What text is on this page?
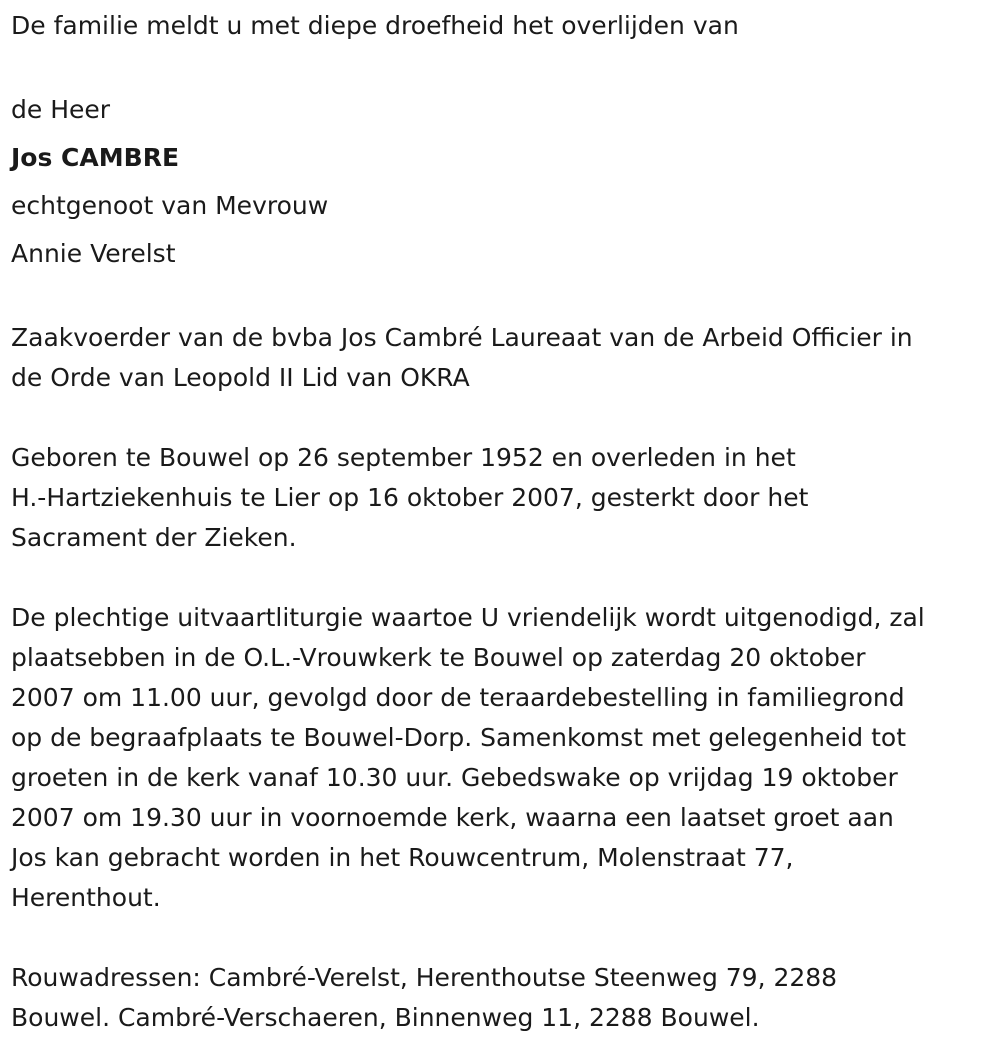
De familie meldt u met diepe droefheid het overlijden van
de Heer
Jos CAMBRE
echtgenoot van Mevrouw
Annie Verelst
Zaakvoerder van de bvba Jos Cambré Laureaat van de Arbeid Officier in
de Orde van Leopold II Lid van OKRA
Geboren te Bouwel op 26 september 1952 en overleden in het
H.-Hartziekenhuis te Lier op 16 oktober 2007, gesterkt door het
Sacrament der Zieken.
De plechtige uitvaartliturgie waartoe U vriendelijk wordt uitgenodigd, zal
plaatsebben in de O.L.-Vrouwkerk te Bouwel op zaterdag 20 oktober
2007 om 11.00 uur, gevolgd door de teraardebestelling in familiegrond
op de begraafplaats te Bouwel-Dorp. Samenkomst met gelegenheid tot
groeten in de kerk vanaf 10.30 uur. Gebedswake op vrijdag 19 oktober
2007 om 19.30 uur in voornoemde kerk, waarna een laatset groet aan
Jos kan gebracht worden in het Rouwcentrum, Molenstraat 77,
Herenthout.
Rouwadressen: Cambré-Verelst, Herenthoutse Steenweg 79, 2288
Bouwel. Cambré-Verschaeren, Binnenweg 11, 2288 Bouwel.
